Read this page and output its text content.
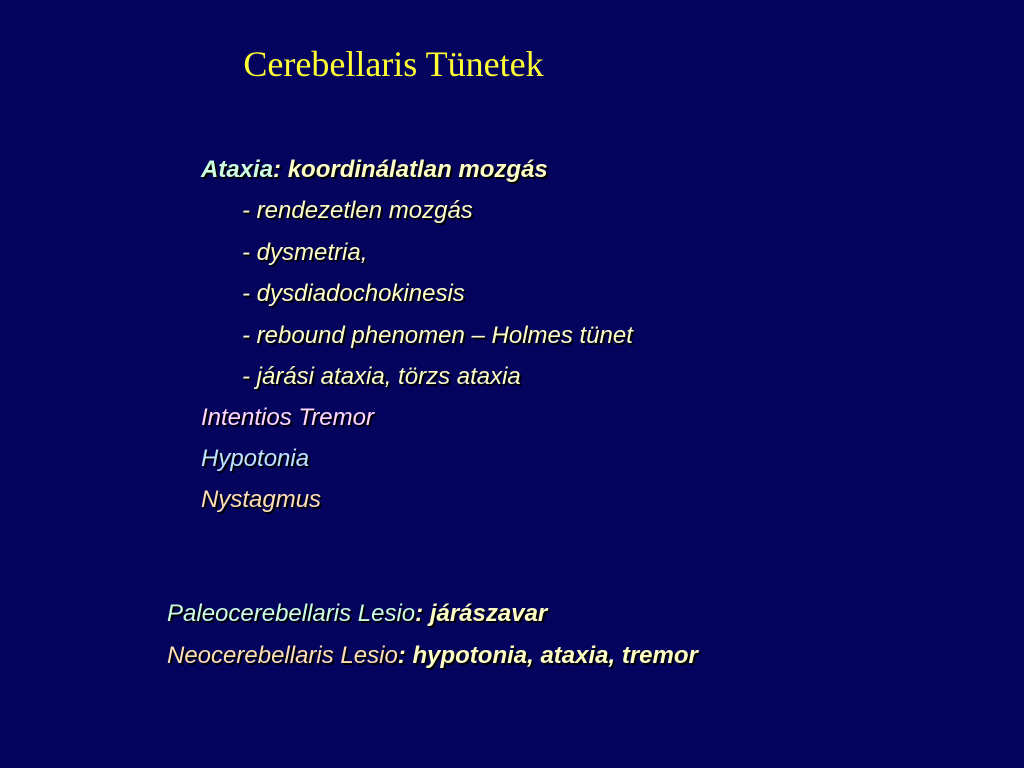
Cerebellaris Tünetek
Ataxia: koordinálatlan mozgás
- rendezetlen mozgás
- dysmetria,
- dysdiadochokinesis
- rebound phenomen – Holmes tünet
- járási ataxia, törzs ataxia
Intentios Tremor
Hypotonia
Nystagmus
Paleocerebellaris Lesio: járászavar
Neocerebellaris Lesio: hypotonia, ataxia, tremor
